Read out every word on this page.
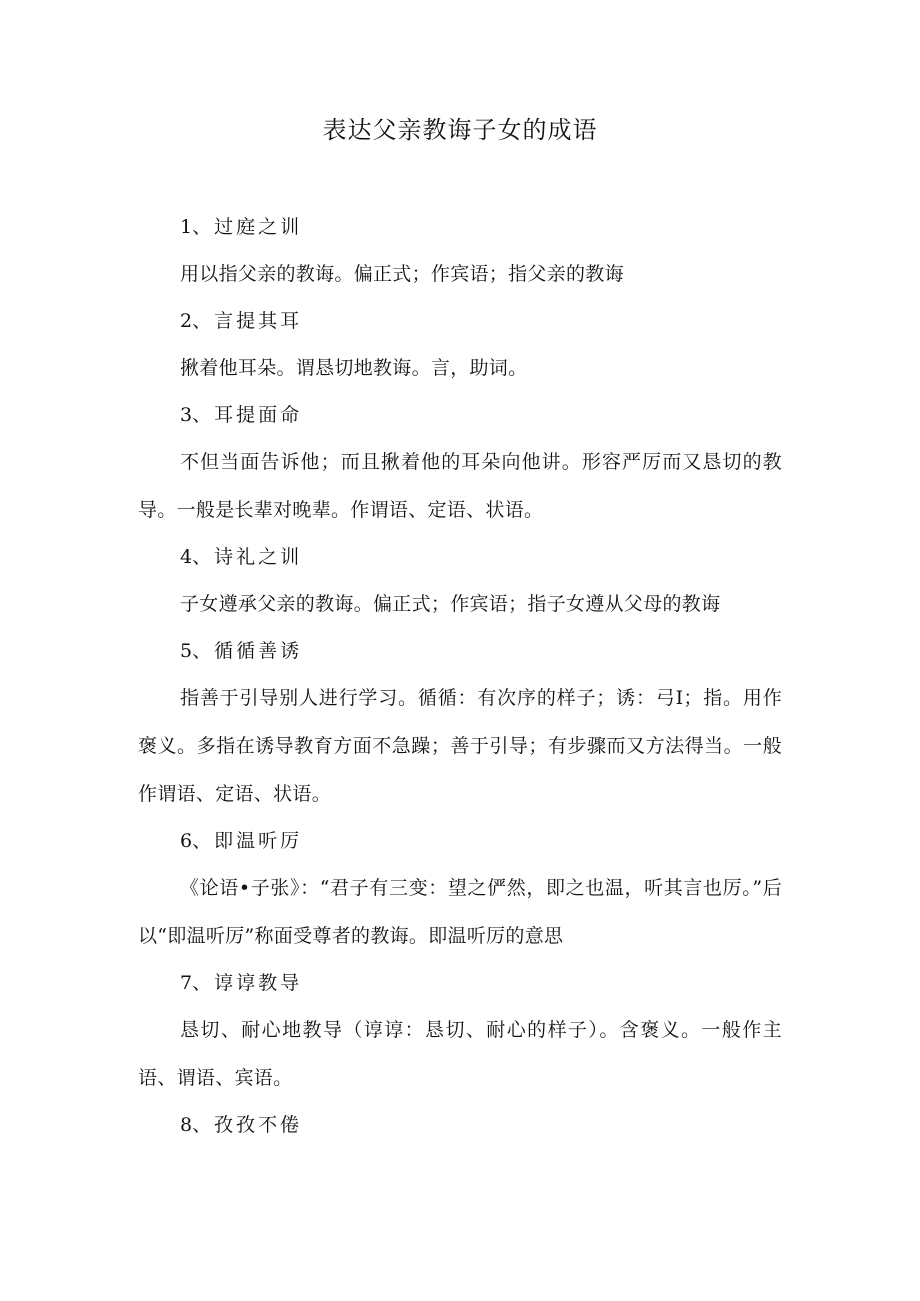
表达父亲教诲子女的成语

1、过庭之训

用以指父亲的教诲。偏正式；作宾语；指父亲的教诲

2、言提其耳

揪着他耳朵。谓恳切地教诲。言，助词。

3、耳提面命

不但当面告诉他；而且揪着他的耳朵向他讲。形容严厉而又恳切的教导。一般是长辈对晚辈。作谓语、定语、状语。

4、诗礼之训

子女遵承父亲的教诲。偏正式；作宾语；指子女遵从父母的教诲

5、循循善诱

指善于引导别人进行学习。循循：有次序的样子；诱：弓I；指。用作褒义。多指在诱导教育方面不急躁；善于引导；有步骤而又方法得当。一般作谓语、定语、状语。

6、即温听厉

《论语•子张》：“君子有三变：望之俨然，即之也温，听其言也厉。”后以“即温听厉”称面受尊者的教诲。即温听厉的意思

7、谆谆教导

恳切、耐心地教导（谆谆：恳切、耐心的样子）。含褒义。一般作主语、谓语、宾语。

8、孜孜不倦
